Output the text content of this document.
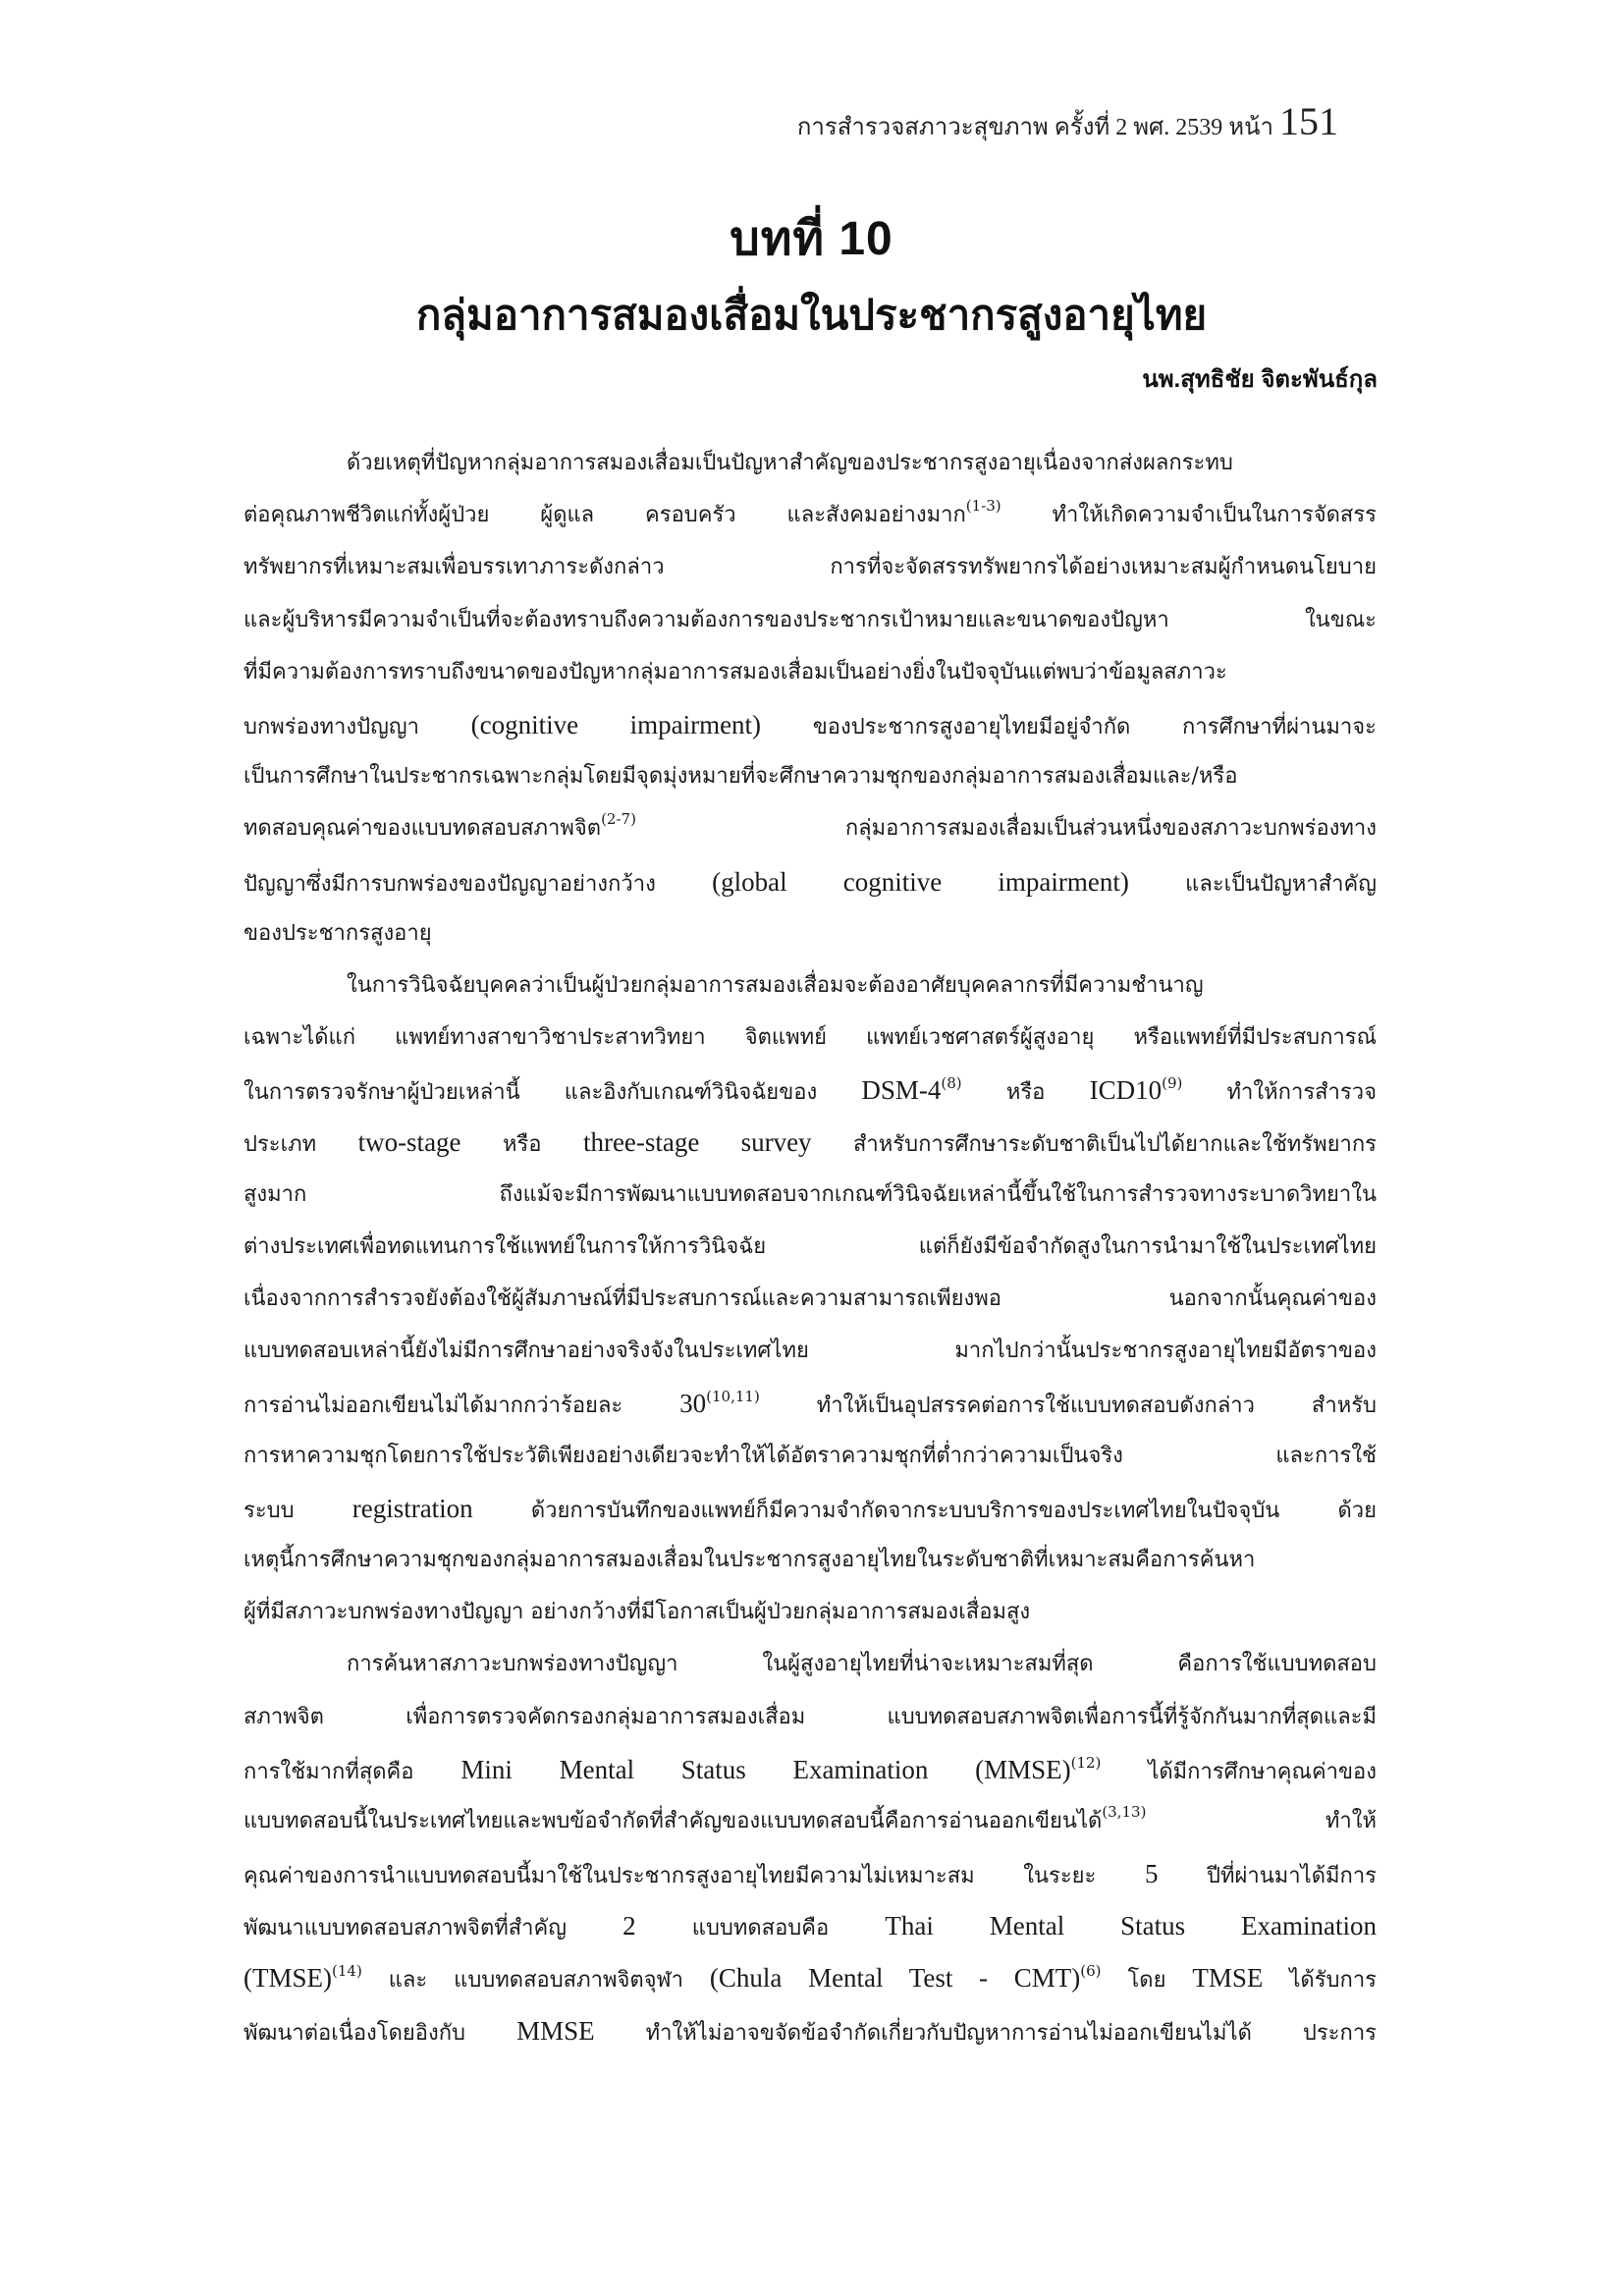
การสำรวจสภาวะสุขภาพ ครั้งที่ 2 พศ. 2539 หน้า 151
บทที่ 10
กลุ่มอาการสมองเสื่อมในประชากรสูงอายุไทย
นพ.สุทธิชัย จิตะพันธ์กุล
ด้วยเหตุที่ปัญหากลุ่มอาการสมองเสื่อมเป็นปัญหาสำคัญของประชากรสูงอายุเนื่องจากส่งผลกระทบ
ต่อคุณภาพชีวิตแก่ทั้งผู้ป่วย ผู้ดูแล ครอบครัว และสังคมอย่างมาก$^{(1-3)}$ ทำให้เกิดความจำเป็นในการจัดสรร
ทรัพยากรที่เหมาะสมเพื่อบรรเทาภาระดังกล่าว การที่จะจัดสรรทรัพยากรได้อย่างเหมาะสมผู้กำหนดนโยบาย
และผู้บริหารมีความจำเป็นที่จะต้องทราบถึงความต้องการของประชากรเป้าหมายและขนาดของปัญหา ในขณะ
ที่มีความต้องการทราบถึงขนาดของปัญหากลุ่มอาการสมองเสื่อมเป็นอย่างยิ่งในปัจจุบันแต่พบว่าข้อมูลสภาวะ
บกพร่องทางปัญญา (cognitive impairment) ของประชากรสูงอายุไทยมีอยู่จำกัด การศึกษาที่ผ่านมาจะ
เป็นการศึกษาในประชากรเฉพาะกลุ่มโดยมีจุดมุ่งหมายที่จะศึกษาความชุกของกลุ่มอาการสมองเสื่อมและ/หรือ
ทดสอบคุณค่าของแบบทดสอบสภาพจิต$^{(2-7)}$ กลุ่มอาการสมองเสื่อมเป็นส่วนหนึ่งของสภาวะบกพร่องทาง
ปัญญาซึ่งมีการบกพร่องของปัญญาอย่างกว้าง (global cognitive impairment) และเป็นปัญหาสำคัญ
ของประชากรสูงอายุ
ในการวินิจฉัยบุคคลว่าเป็นผู้ป่วยกลุ่มอาการสมองเสื่อมจะต้องอาศัยบุคคลากรที่มีความชำนาญ
เฉพาะได้แก่ แพทย์ทางสาขาวิชาประสาทวิทยา จิตแพทย์ แพทย์เวชศาสตร์ผู้สูงอายุ หรือแพทย์ที่มีประสบการณ์
ในการตรวจรักษาผู้ป่วยเหล่านี้ และอิงกับเกณฑ์วินิจฉัยของ DSM-4$^{(8)}$ หรือ ICD10$^{(9)}$ ทำให้การสำรวจ
ประเภท two-stage หรือ three-stage survey สำหรับการศึกษาระดับชาติเป็นไปได้ยากและใช้ทรัพยากร
สูงมาก ถึงแม้จะมีการพัฒนาแบบทดสอบจากเกณฑ์วินิจฉัยเหล่านี้ขึ้นใช้ในการสำรวจทางระบาดวิทยาใน
ต่างประเทศเพื่อทดแทนการใช้แพทย์ในการให้การวินิจฉัย แต่ก็ยังมีข้อจำกัดสูงในการนำมาใช้ในประเทศไทย
เนื่องจากการสำรวจยังต้องใช้ผู้สัมภาษณ์ที่มีประสบการณ์และความสามารถเพียงพอ นอกจากนั้นคุณค่าของ
แบบทดสอบเหล่านี้ยังไม่มีการศึกษาอย่างจริงจังในประเทศไทย มากไปกว่านั้นประชากรสูงอายุไทยมีอัตราของ
การอ่านไม่ออกเขียนไม่ได้มากกว่าร้อยละ 30$^{(10,11)}$ ทำให้เป็นอุปสรรคต่อการใช้แบบทดสอบดังกล่าว สำหรับ
การหาความชุกโดยการใช้ประวัติเพียงอย่างเดียวจะทำให้ได้อัตราความชุกที่ต่ำกว่าความเป็นจริง และการใช้
ระบบ registration ด้วยการบันทึกของแพทย์ก็มีความจำกัดจากระบบบริการของประเทศไทยในปัจจุบัน ด้วย
เหตุนี้การศึกษาความชุกของกลุ่มอาการสมองเสื่อมในประชากรสูงอายุไทยในระดับชาติที่เหมาะสมคือการค้นหา
ผู้ที่มีสภาวะบกพร่องทางปัญญา อย่างกว้างที่มีโอกาสเป็นผู้ป่วยกลุ่มอาการสมองเสื่อมสูง
การค้นหาสภาวะบกพร่องทางปัญญา ในผู้สูงอายุไทยที่น่าจะเหมาะสมที่สุด คือการใช้แบบทดสอบ
สภาพจิต เพื่อการตรวจคัดกรองกลุ่มอาการสมองเสื่อม แบบทดสอบสภาพจิตเพื่อการนี้ที่รู้จักกันมากที่สุดและมี
การใช้มากที่สุดคือ Mini Mental Status Examination (MMSE)$^{(12)}$ ได้มีการศึกษาคุณค่าของ
แบบทดสอบนี้ในประเทศไทยและพบข้อจำกัดที่สำคัญของแบบทดสอบนี้คือการอ่านออกเขียนได้$^{(3,13)}$ ทำให้
คุณค่าของการนำแบบทดสอบนี้มาใช้ในประชากรสูงอายุไทยมีความไม่เหมาะสม ในระยะ 5 ปีที่ผ่านมาได้มีการ
พัฒนาแบบทดสอบสภาพจิตที่สำคัญ 2 แบบทดสอบคือ Thai Mental Status Examination
(TMSE)$^{(14)}$ และ แบบทดสอบสภาพจิตจุฬา (Chula Mental Test - CMT)$^{(6)}$ โดย TMSE ได้รับการ
พัฒนาต่อเนื่องโดยอิงกับ MMSE ทำให้ไม่อาจขจัดข้อจำกัดเกี่ยวกับปัญหาการอ่านไม่ออกเขียนไม่ได้ ประการ
